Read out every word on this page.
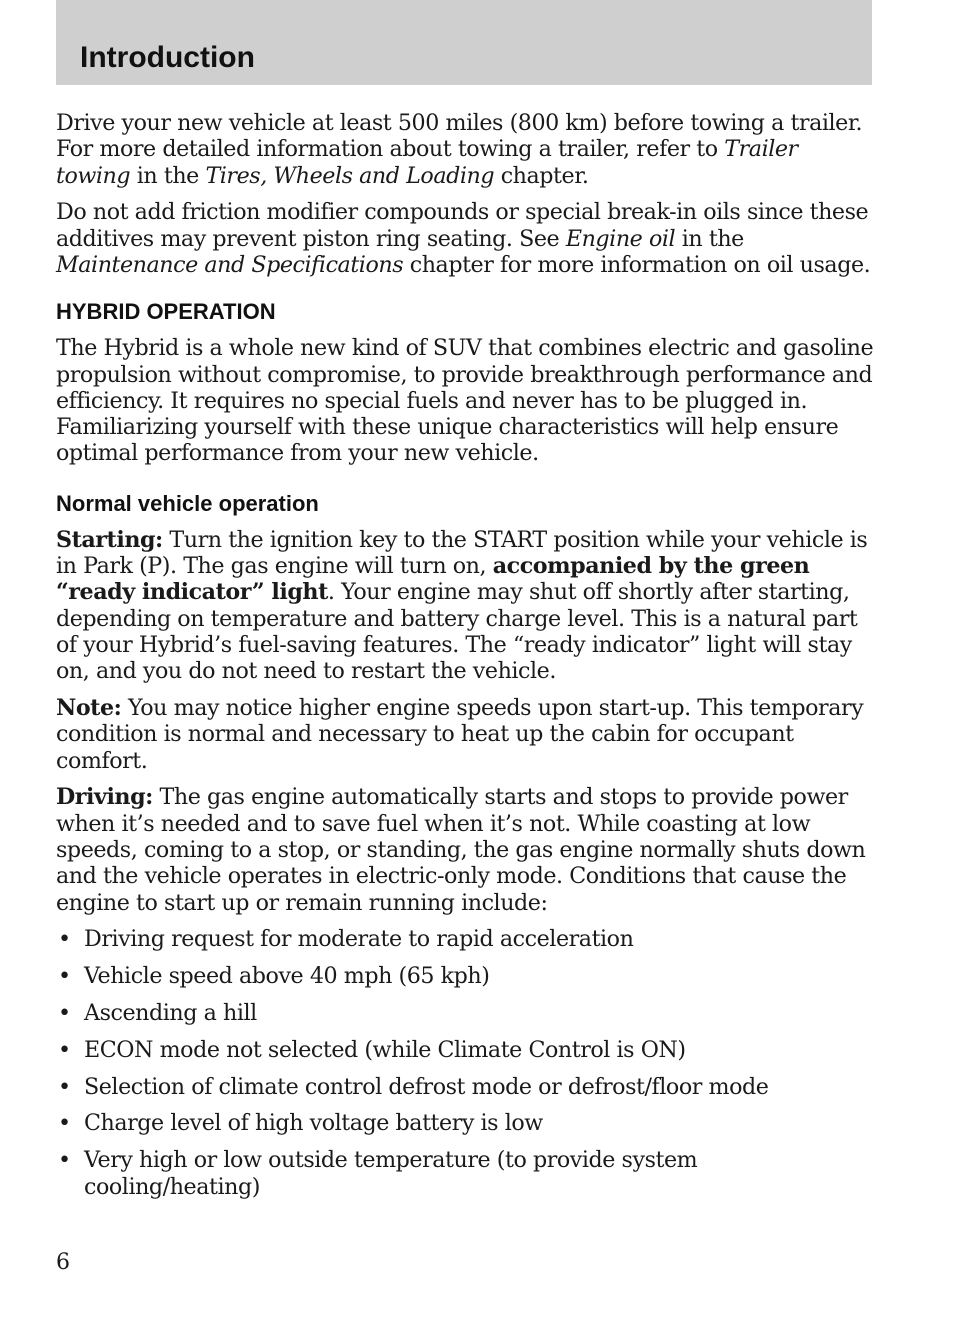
Introduction

Drive your new vehicle at least 500 miles (800 km) before towing a trailer. For more detailed information about towing a trailer, refer to Trailer towing in the Tires, Wheels and Loading chapter.

Do not add friction modifier compounds or special break-in oils since these additives may prevent piston ring seating. See Engine oil in the Maintenance and Specifications chapter for more information on oil usage.

HYBRID OPERATION

The Hybrid is a whole new kind of SUV that combines electric and gasoline propulsion without compromise, to provide breakthrough performance and efficiency. It requires no special fuels and never has to be plugged in. Familiarizing yourself with these unique characteristics will help ensure optimal performance from your new vehicle.

Normal vehicle operation

Starting: Turn the ignition key to the START position while your vehicle is in Park (P). The gas engine will turn on, accompanied by the green “ready indicator” light. Your engine may shut off shortly after starting, depending on temperature and battery charge level. This is a natural part of your Hybrid’s fuel-saving features. The “ready indicator” light will stay on, and you do not need to restart the vehicle.

Note: You may notice higher engine speeds upon start-up. This temporary condition is normal and necessary to heat up the cabin for occupant comfort.

Driving: The gas engine automatically starts and stops to provide power when it’s needed and to save fuel when it’s not. While coasting at low speeds, coming to a stop, or standing, the gas engine normally shuts down and the vehicle operates in electric-only mode. Conditions that cause the engine to start up or remain running include:

• Driving request for moderate to rapid acceleration
• Vehicle speed above 40 mph (65 kph)
• Ascending a hill
• ECON mode not selected (while Climate Control is ON)
• Selection of climate control defrost mode or defrost/floor mode
• Charge level of high voltage battery is low
• Very high or low outside temperature (to provide system cooling/heating)
6
